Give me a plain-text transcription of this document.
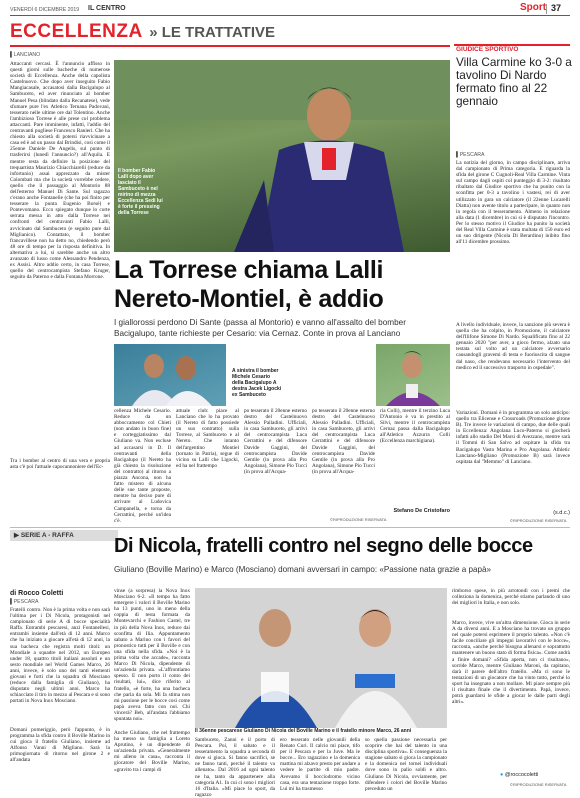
VENERDÌ 6 DICEMBRE 2019 IL CENTRO	Sport 37
ECCELLENZA » LE TRATTATIVE
▌LANCIANO
Attaccanti cercasi. È l'annuncio affisso in questi giorni sulle bacheche di numerose società di Eccellenza. Anche della capolista Castelnuovo. Che dopo aver inseguito Fabio Mangiacasale, accasatosi dalla Bacigalupo al Sambuceto, ed aver rinunciato al bomber Manuel Pesa (blindato dalla Recanatese), vede sfumare pure l'ex Atletico Ternana Padovani, tesserato nelle ultime ore dal Tolentino. Anche l'ambizioso Torrese è alle prese col problema attaccanti. Pare imminente, infatti, l'addio del centravanti pugliese Francesco Ranieri. Che ha chiesto alla società di potersi riavvicinare a casa ed è ad un passo dal Brindisi, così come il 25enne Daniele De Angelis, sul punto di trasferirsi (lunedì l'annuncio?) all'Aquila. E mentre resta da definire la posizione del trequartista Maurizio Chiacchiarelli (reduce da infortunio) assai apprezzato da mister Colombati ma che la società vorrebbe cedere, quello che il passaggio al Montorio 88 dell'esterno Manuel Di Sante. Sul ragazzo c'erano anche Fontanelle (che ha poi finito per tesserare la punta Eugenio Borsè) e Pontevomano. Ecco spiegato dunque lo corte serrata messa in atto dalla Torrese nei confronti del centravanti Fabio Lalli, avvicinato dal Sambuceto (e seguito pure dal Miglianico). Contattato, il bomber francavillese non ha detto no, chiedendo però 48 ore di tempo per la risposta definitiva. In alternativa a lui, si sarebbe anche un altro avanzato di lusso come Alessandro Pendenza, ex Assisi. Altro addio certo, in casa Torrese, quello del centrocampista Stefano Kruger, seguito da Paterno e dalla Fontana Morrone.
Tra i bomber al centro di una vera e propria asta c'è poi l'attuale capocannoniere dell'Ec-
Il bomber Fabio Lalli dopo aver lasciato il Sambuceto è nel mirino di mezza Eccellenza Sedi lui è forte il pressing della Torrese
La Torrese chiama Lalli
Nereto-Montiel, è addio
I giallorossi perdono Di Sante (passa al Montorio) e vanno all'assalto del bomber Bacigalupo, tante richieste per Cesario: via Cernaz. Conte in prova al Lanciano
A sinistra il bomber Michele Cesario della Bacigalupo A destra Jacek Ligocki ex Sambuceto
cellenza Michele Cesario. Reduce da un abboccamento col Chieti (non andato in buon fine) e corteggiatissimo dal Giuliano va. Non escluse ad accasarsi in D. Il centravanti della Bacigalupo (il Nereto ha già chiesto la risoluzione del contratto) al ritorno a piazza Ancona, non ha fatto mistero di alcuna delle sue tante proposte, mentre ha deciso pure di arrivare al Ludovica Campanella, e torna da Cerrattini, perché un'idea c'è.
attuale club: piace al Lanciano che lo ha provato (il Nereto di fatto possiede un suo contratto) sulla Torrese, al Sambuceto e al Nereto. Che intanto dell'argentino Montiel (tornato in Patria), segue di vicino su Lalli che Ligocki, ed ha nel frattempo
po tesserato il 20enne esterno destro del Castelnuovo Alessio Palladini. Ufficiali, in casa Sambuceto, gli arrivi del centrocampista Luca Cerrattini e del difensore Davide Gaggini, del centrocampista Davide Gentile (in prova alla Pro Angolana), Simone Pio Tucci (in prova all'Acqua-
po tesserato il 20enne esterno destro del Castelnuovo Alessio Palladini. Ufficiali, in casa Sambuceto, gli arrivi del centrocampista Luca Cerrattini e del difensore Davide Gaggini, del centrocampista Davide Gentile (in prova alla Pro Angolana), Simone Pio Tucci (in prova all'Acqua-
ria Colli), mentre il terzino Luca D'Antonio è va in prestito al Silvi, mentre il centrocampista Cernaz passa dalla Bacigalupo all'Atletico Azzurra Colli (Eccellenza marchigiana).
Stefano De Cristofaro
©RIPRODUZIONE RISERVATA
GIUDICE SPORTIVO
Villa Carmine ko 3-0 a tavolino Di Nardo fermato fino al 22 gennaio
▌PESCARA
La notizia del giorno, in campo disciplinare, arriva dal campionato di Prima categoria. E riguarda la sfida del girone C Cugnoli-Real Villa Carmine. Vinta sul campo dagli ospiti col punteggio di 3-2: risultato ribaltato dal Giudice sportivo che ha punito con la sconfitta per 0-3 a tavolino i vastesi, rei di aver utilizzato in gara un calciatore (il 22enne Lucarelli Diatta) non avente titolo a partecipare, in quanto non in regola con il tesseramento. Almeno in relazione alla data (1 dicembre) in cui si è disputato l'incontro. Per lo stesso motivo il Giudice ha punito la società del Real Villa Carmine è stata multata di 150 euro ed un suo dirigente (Nicola Di Berardino) inibito fino all'11 dicembre prossimo.
A livello individuale, invece, la sanzione più severa è quella che ha colpito, in Promozione, il calciatore dell'Ilifone Simone Di Nardo. Squalificato fino al 22 gennaio 2020 "per aver, a gioco fermo, alzato una testata sul volto ad un calciatore avversario causandogli gravemi di testa e fuoriuscita di sangue dal naso, che rendevano necessario l'intervento del medico ed il successivo trasporto in ospedale".
Variazioni. Domani è in programma un solo anticipo: quello tra Elicense e Crossroads (Promozione girone B). Tre invece le variazioni di campo, due delle quali in Eccellenza: Angolana Luco-Paterno si giocherà infatti allo stadio Del Marsi di Avezzano, mentre sarà il Tommi di San Salvo ad ospitare la sfida tra Bacigalupo Vasto Marina e Pro Angolana. Athletic Lanciano-Migliano (Promozione B) sarà invece ospitata dal "Memmo" di Lanciano.
(s.d.c.)
©RIPRODUZIONE RISERVATA
▶ SERIE A - RAFFA	Di Nicola, fratelli contro nel segno delle bocce
Giuliano (Boville Marino) e Marco (Mosciano) domani avversari in campo: «Passione nata grazie a papà»
di Rocco Coletti
▌PESCARA
Fratelli contro. Non è la prima volta e non sarà l'ultima per i Di Nicola, protagonisti nel campionato di serie A di bocce specialità Raffa. Entrambi pescaresi, anzi Fontanellesi, entrambi insieme dall'età di 12 anni. Marco che ha iniziato a giocare all'età di 12 anni, la sua bacheca che registra molti titoli: un Mondiale a squadre nel 2012, un Europeo under 18, quattro titoli italiani assoluti e un sesto mondiale nel World Games Marco, 26 anni, invece, è solo uno dei tanti elementi giovani e forti che la squadra di Mosciano (reduce dalla famiglia di Giuliano), ha disputato negli ultimi anni. Marco ha schiacciato il tiro in mezzo al Pescara e si sono portati in Nova Inox Mosciano.
Domani pomeriggio, però l'appunto, è in programma la sfida contro il Boville Marino in cui gioca il fratello Giuliano, insieme ad Alfonso Vanni di Migliano. Sarà la primogiornata di ritorno nel girone 2 e all'andata
vinse (a sorpresa) la Nova Inox Mosciano 6-2. «Il tempo ha fatto emergere i valori il Boville Marino ha 13 punti, uno in meno della coppia di testa formata da Montevarchi e Fashion Castel, tre in più della Nova Inox, reduce dai sconfitta di Ilia. Appuntamento sabato a Marino con i favori del pronostico tutti per il Boville e con una sfida nella sfida. «Noi è la prima volta che accade», racconta Marco Di Nicola, dipendente di un'azienda privata. «L'affrontiamo spesso. E non porto il conto dei risultati, lui», dice riferito al fratello, «è forte, ha una bacheca che parla da sola. Mi fa stima non mi passione per le bocce così come papà aveva fatto con noi. Chi vincerà? Beh, all'andata l'abbiamo spuntata noi».
Anche Giuliano, che nel frattempo ha messo su famiglia a Loreto Aprutino, è un dipendente di un'azienda privata. «Generalmente mi alleno in casa», racconta il giocatore del Boville Marino, «gravito tra i campi di
Il 36enne pescarese Giuliano Di Nicola del Boville Marino e il fratello minore Marco, 26 anni
Sambuceto, Zanni e il porto di Pescara. Poi, il sabato e il tesseramento la squadra a seconda di dove si gioca. Si fanno sacrifici, se ne fanno tanti, perché il talento va allenato». Dal 2016 ad ogni talento ne ha, tanto da appartenere alla categoria A1. In cui ci sono i migliori 16 d'Italia. «Mi piace lo sport, da ragazzo
ero tesserato nelle giovanili della Renato Curi. Il calcio mi piace, tifo per il Pescara e per la Juve. Ma le bocce... Ero ragazzino e la domenica mattina mi alzavo presto per andare a vedere le partite di mio padre. Avevamo il bocciodromo vicino casa, era una tentazione troppo forte. Lui mi ha trasmesso
so quella passione necessaria per scoprire che hai del talento in una disciplina sportiva». E conseguenza la stagione sabato si gioca la campionato e la domenica nei tornei individuali dove sono in palio soldi e altro. Giuliano Di Nicola, ovviamente, per difendere i colori del Boville Marino preceduto un
rimborso spese, in più arrotondi con i premi che colleziona la domenica, perché stiamo parlando di uno dei migliori in Italia, e non solo.
Marco, invece, vive un'altra dimensione. Gioca in serie A da diversi anni. E a Mosciano ha trovato un gruppo nel quale potersi esprimere il proprio talento. «Non c'è facile conciliare gli impegni lavorativi con le bocce», racconta, «anche perché bisogna allenarsi e soprattutto mantenere un buono stato di forma fisica». Come andrà a finire domani? «Sfida aperta, non ci risultano», sorride Marco, mentre Giuliano Maroni, da capitano, darà il parere dell'altro fratello. «Ma ci sono le tentazioni di un giocatore che ha vinto tutto, perché lo sport ha insegnato a non mollare. Mi piace sempre più il risultato finale che il divertimento. Papà, invece, potrà guardarsi le sfide a giocar le dalle parti degli altri».
● @roccocoletti
©RIPRODUZIONE RISERVATA
